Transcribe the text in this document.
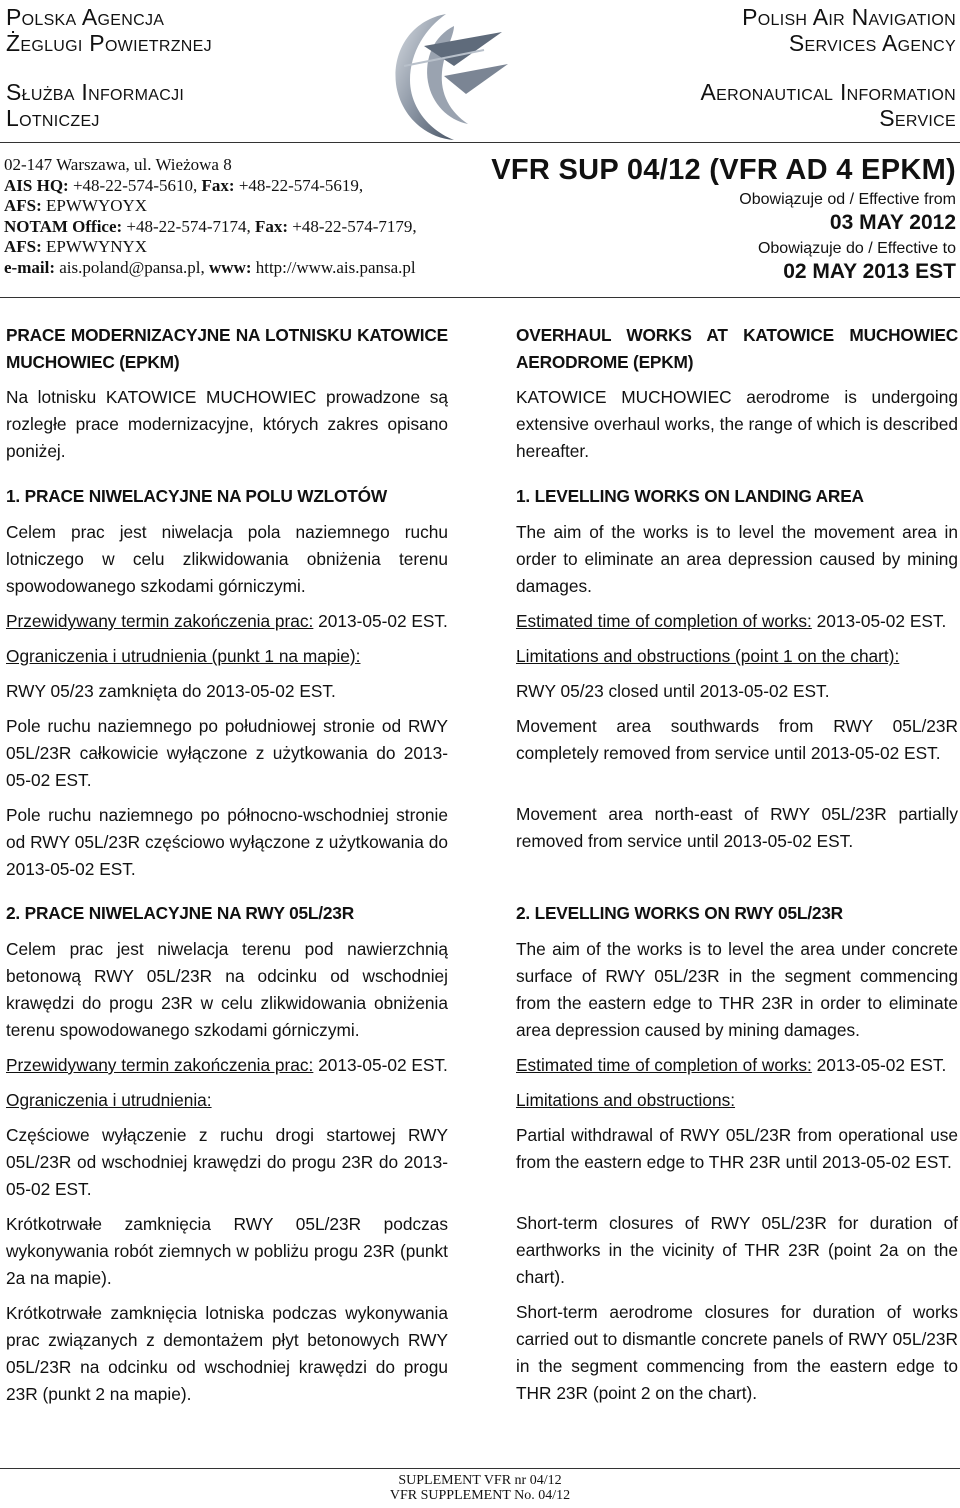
Polska Agencja
Żeglugi Powietrznej
Służba Informacji
Lotniczej
Polish Air Navigation
Services Agency
Aeronautical Information
Service
02-147 Warszawa, ul. Wieżowa 8
AIS HQ: +48-22-574-5610, Fax: +48-22-574-5619,
AFS: EPWWYOYX
NOTAM Office: +48-22-574-7174, Fax: +48-22-574-7179,
AFS: EPWWYNYX
e-mail: ais.poland@pansa.pl, www: http://www.ais.pansa.pl
VFR SUP 04/12 (VFR AD 4 EPKM)
Obowiązuje od / Effective from
03 MAY 2012
Obowiązuje do / Effective to
02 MAY 2013 EST

PRACE MODERNIZACYJNE NA LOTNISKU KATOWICE MUCHOWIEC (EPKM)

Na lotnisku KATOWICE MUCHOWIEC prowadzone są rozległe prace modernizacyjne, których zakres opisano poniżej.

1. PRACE NIWELACYJNE NA POLU WZLOTÓW

Celem prac jest niwelacja pola naziemnego ruchu lotniczego w celu zlikwidowania obniżenia terenu spowodowanego szkodami górniczymi.

Przewidywany termin zakończenia prac: 2013-05-02 EST.

Ograniczenia i utrudnienia (punkt 1 na mapie):

RWY 05/23 zamknięta do 2013-05-02 EST.

Pole ruchu naziemnego po południowej stronie od RWY 05L/23R całkowicie wyłączone z użytkowania do 2013-05-02 EST.

Pole ruchu naziemnego po północno-wschodniej stronie od RWY 05L/23R częściowo wyłączone z użytkowania do 2013-05-02 EST.

2. PRACE NIWELACYJNE NA RWY 05L/23R

Celem prac jest niwelacja terenu pod nawierzchnią betonową RWY 05L/23R na odcinku od wschodniej krawędzi do progu 23R w celu zlikwidowania obniżenia terenu spowodowanego szkodami górniczymi.

Przewidywany termin zakończenia prac: 2013-05-02 EST.

Ograniczenia i utrudnienia:

Częściowe wyłączenie z ruchu drogi startowej RWY 05L/23R od wschodniej krawędzi do progu 23R do 2013-05-02 EST.

Krótkotrwałe zamknięcia RWY 05L/23R podczas wykonywania robót ziemnych w pobliżu progu 23R (punkt 2a na mapie).

Krótkotrwałe zamknięcia lotniska podczas wykonywania prac związanych z demontażem płyt betonowych RWY 05L/23R na odcinku od wschodniej krawędzi do progu 23R (punkt 2 na mapie).

OVERHAUL WORKS AT KATOWICE MUCHOWIEC AERODROME (EPKM)

KATOWICE MUCHOWIEC aerodrome is undergoing extensive overhaul works, the range of which is described hereafter.

1. LEVELLING WORKS ON LANDING AREA

The aim of the works is to level the movement area in order to eliminate an area depression caused by mining damages.

Estimated time of completion of works: 2013-05-02 EST.

Limitations and obstructions (point 1 on the chart):

RWY 05/23 closed until 2013-05-02 EST.

Movement area southwards from RWY 05L/23R completely removed from service until 2013-05-02 EST.

Movement area north-east of RWY 05L/23R partially removed from service until 2013-05-02 EST.

2. LEVELLING WORKS ON RWY 05L/23R

The aim of the works is to level the area under concrete surface of RWY 05L/23R in the segment commencing from the eastern edge to THR 23R in order to eliminate area depression caused by mining damages.

Estimated time of completion of works: 2013-05-02 EST.

Limitations and obstructions:

Partial withdrawal of RWY 05L/23R from operational use from the eastern edge to THR 23R until 2013-05-02 EST.

Short-term closures of RWY 05L/23R for duration of earthworks in the vicinity of THR 23R (point 2a on the chart).

Short-term aerodrome closures for duration of works carried out to dismantle concrete panels of RWY 05L/23R in the segment commencing from the eastern edge to THR 23R (point 2 on the chart).

SUPLEMENT VFR nr 04/12
VFR SUPPLEMENT No. 04/12
